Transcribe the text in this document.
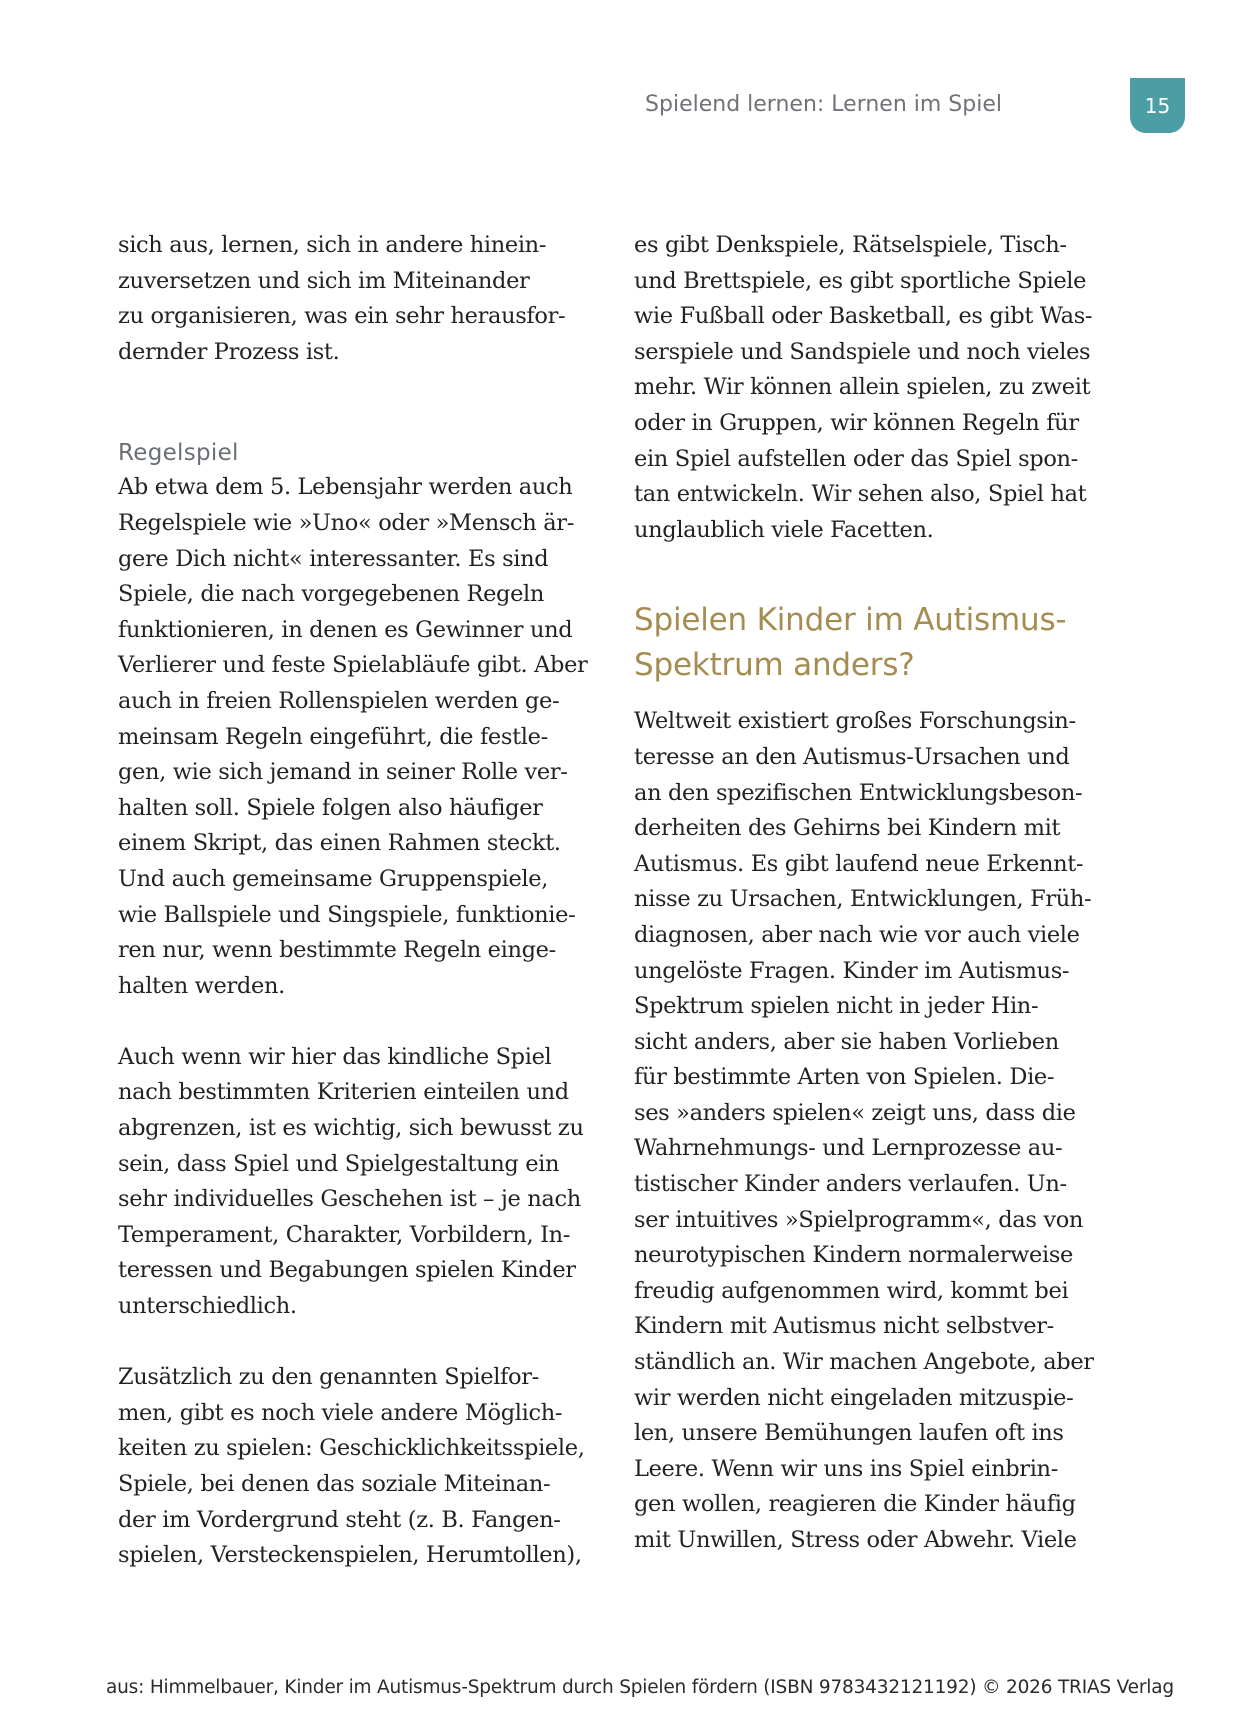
Spielend lernen: Lernen im Spiel	15

sich aus, lernen, sich in andere hinein-
zuversetzen und sich im Miteinander
zu organisieren, was ein sehr herausfor-
dernder Prozess ist.

Regelspiel

Ab etwa dem 5. Lebensjahr werden auch
Regelspiele wie »Uno« oder »Mensch är-
gere Dich nicht« interessanter. Es sind
Spiele, die nach vorgegebenen Regeln
funktionieren, in denen es Gewinner und
Verlierer und feste Spielabläufe gibt. Aber
auch in freien Rollenspielen werden ge-
meinsam Regeln eingeführt, die festle-
gen, wie sich jemand in seiner Rolle ver-
halten soll. Spiele folgen also häufiger
einem Skript, das einen Rahmen steckt.
Und auch gemeinsame Gruppenspiele,
wie Ballspiele und Singspiele, funktionie-
ren nur, wenn bestimmte Regeln einge-
halten werden.

Auch wenn wir hier das kindliche Spiel
nach bestimmten Kriterien einteilen und
abgrenzen, ist es wichtig, sich bewusst zu
sein, dass Spiel und Spielgestaltung ein
sehr individuelles Geschehen ist – je nach
Temperament, Charakter, Vorbildern, In-
teressen und Begabungen spielen Kinder
unterschiedlich.

Zusätzlich zu den genannten Spielfor-
men, gibt es noch viele andere Möglich-
keiten zu spielen: Geschicklichkeitsspiele,
Spiele, bei denen das soziale Miteinan-
der im Vordergrund steht (z. B. Fangen-
spielen, Versteckenspielen, Herumtollen),

es gibt Denkspiele, Rätselspiele, Tisch-
und Brettspiele, es gibt sportliche Spiele
wie Fußball oder Basketball, es gibt Was-
serspiele und Sandspiele und noch vieles
mehr. Wir können allein spielen, zu zweit
oder in Gruppen, wir können Regeln für
ein Spiel aufstellen oder das Spiel spon-
tan entwickeln. Wir sehen also, Spiel hat
unglaublich viele Facetten.

Spielen Kinder im Autismus-
Spektrum anders?

Weltweit existiert großes Forschungsin-
teresse an den Autismus-Ursachen und
an den spezifischen Entwicklungsbeson-
derheiten des Gehirns bei Kindern mit
Autismus. Es gibt laufend neue Erkennt-
nisse zu Ursachen, Entwicklungen, Früh-
diagnosen, aber nach wie vor auch viele
ungelöste Fragen. Kinder im Autismus-
Spektrum spielen nicht in jeder Hin-
sicht anders, aber sie haben Vorlieben
für bestimmte Arten von Spielen. Die-
ses »anders spielen« zeigt uns, dass die
Wahrnehmungs- und Lernprozesse au-
tistischer Kinder anders verlaufen. Un-
ser intuitives »Spielprogramm«, das von
neurotypischen Kindern normalerweise
freudig aufgenommen wird, kommt bei
Kindern mit Autismus nicht selbstver-
ständlich an. Wir machen Angebote, aber
wir werden nicht eingeladen mitzuspie-
len, unsere Bemühungen laufen oft ins
Leere. Wenn wir uns ins Spiel einbrin-
gen wollen, reagieren die Kinder häufig
mit Unwillen, Stress oder Abwehr. Viele

aus: Himmelbauer, Kinder im Autismus-Spektrum durch Spielen fördern (ISBN 9783432121192) © 2026 TRIAS Verlag
